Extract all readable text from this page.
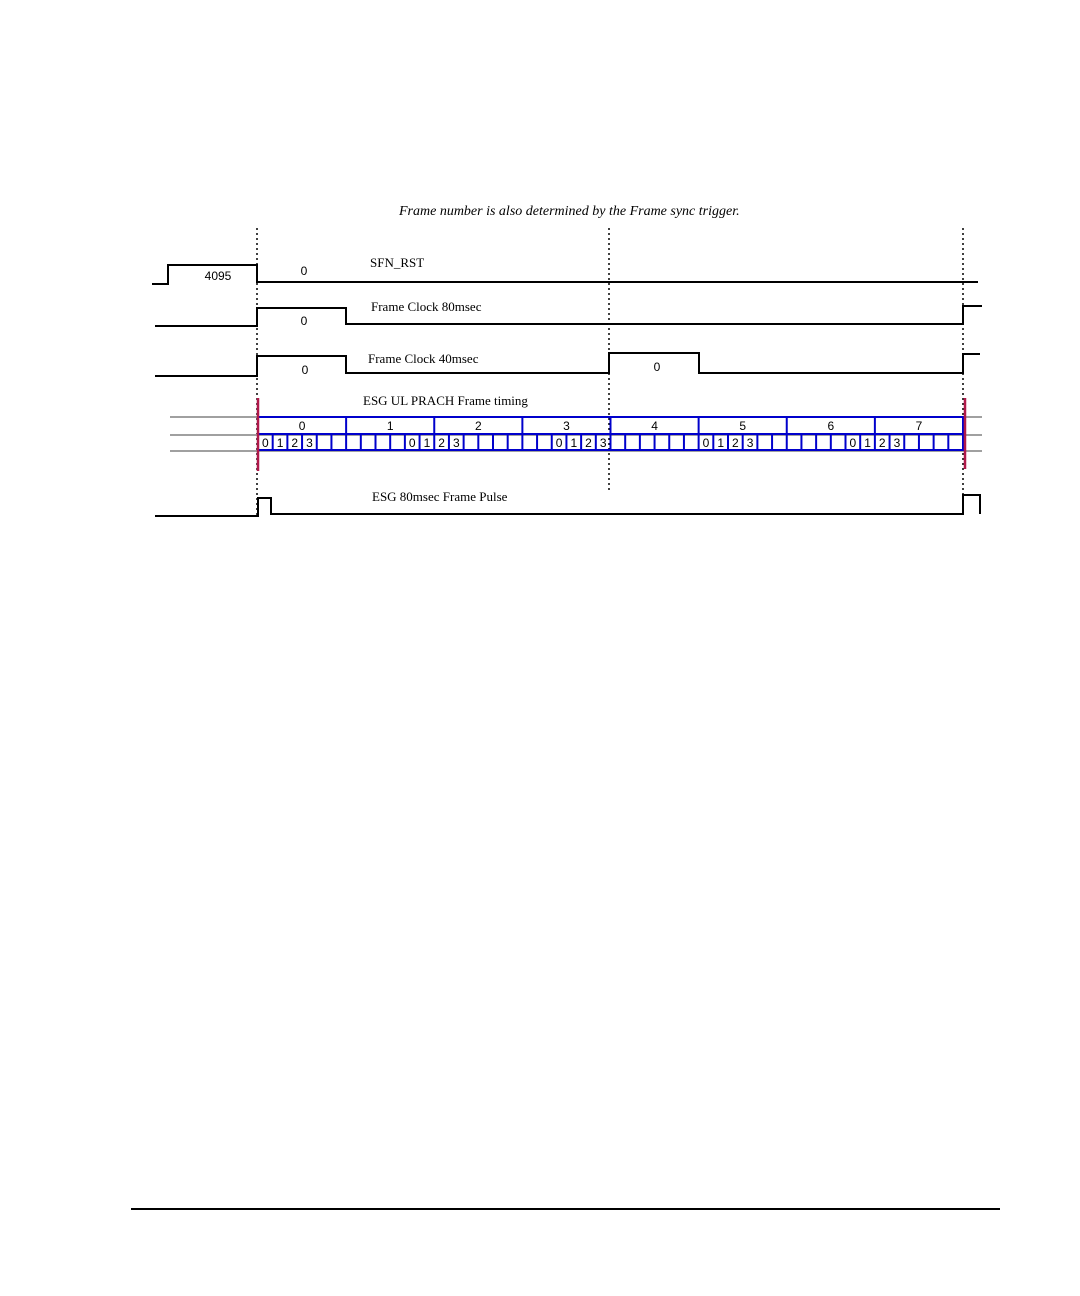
Frame number is also determined by the Frame sync trigger.
4095	0
SFN_RST
0
Frame Clock 80msec
0	0
Frame Clock 40msec
ESG UL PRACH Frame timing
0	1	2	3	4	5	6	7
0 1 2 3	0 1 2 3	0 1 2 3	0 1 2 3	0 1 2 3
ESG 80msec Frame Pulse
